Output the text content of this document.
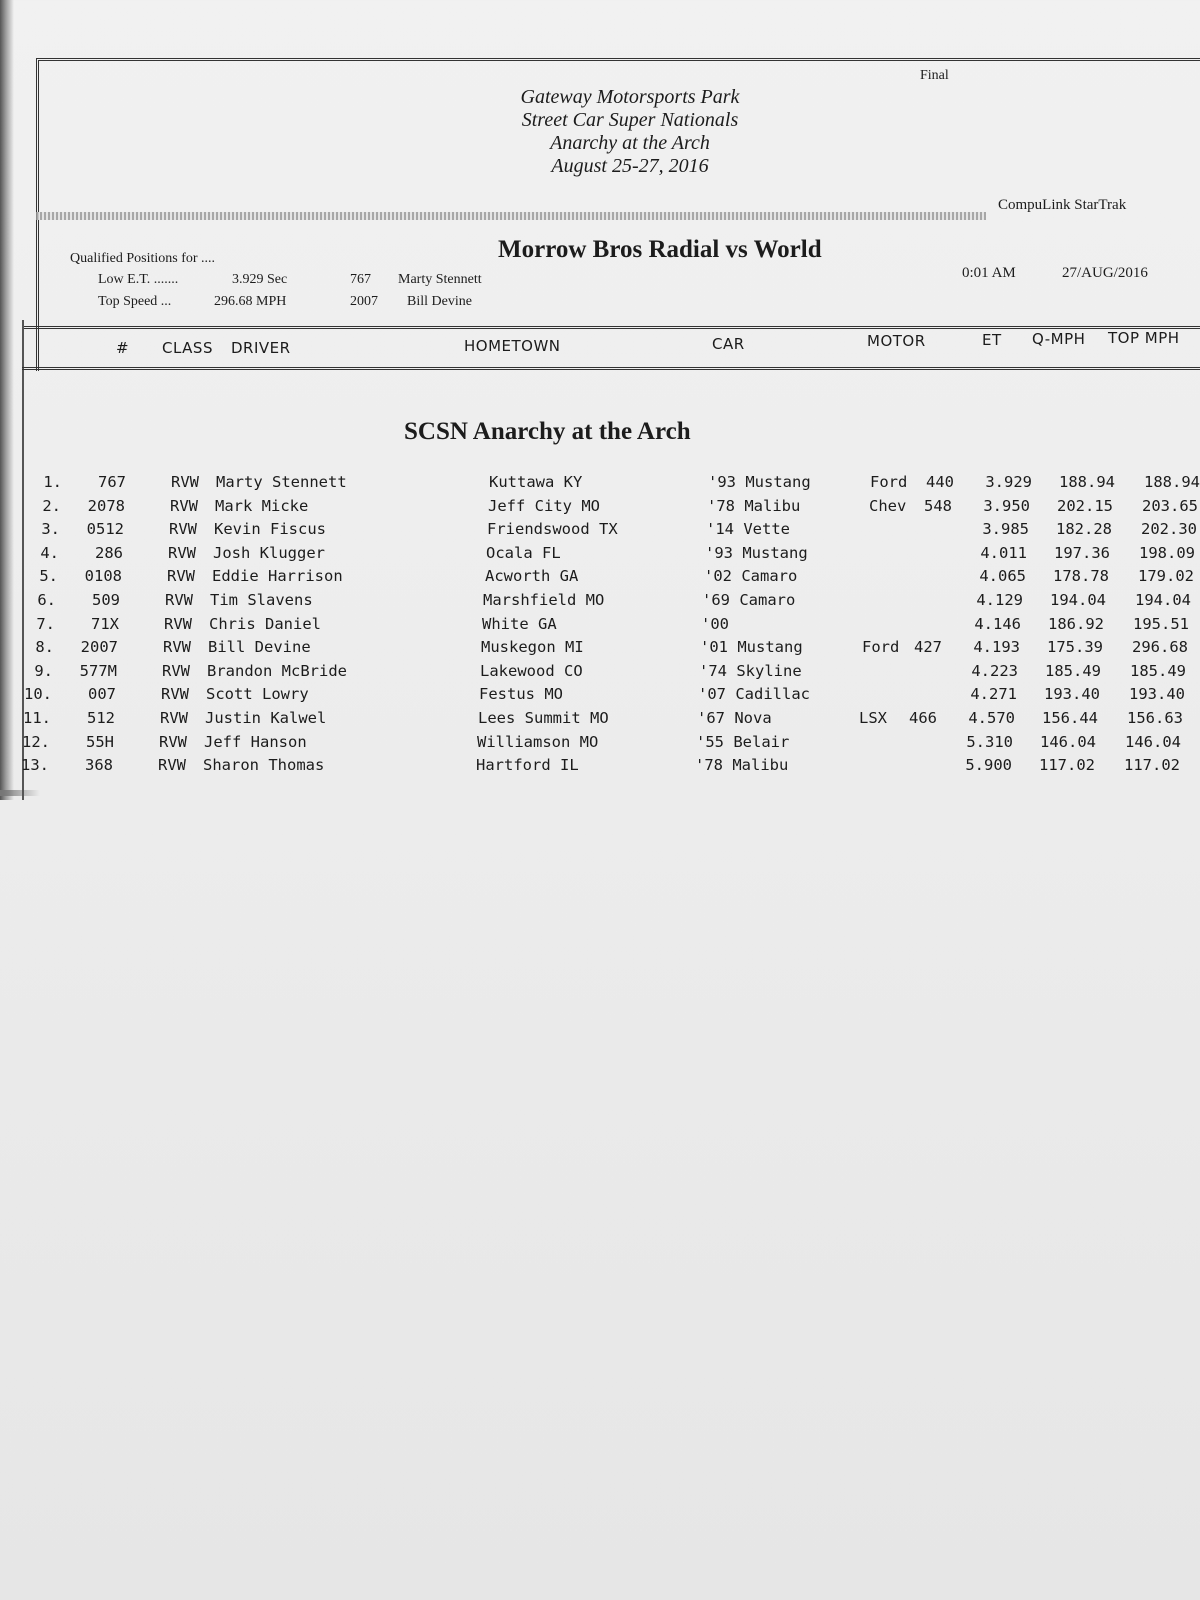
Final
Gateway Motorsports Park
Street Car Super Nationals
Anarchy at the Arch
August 25-27, 2016
CompuLink StarTrak
Qualified Positions for ....
Low E.T. .......	3.929 Sec	767 Marty Stennett
Top Speed ...	296.68 MPH	2007 Bill Devine
Morrow Bros Radial vs World
0:01 AM	27/AUG/2016
# CLASS DRIVER	HOMETOWN	CAR	MOTOR	ET Q-MPH TOP MPH
SCSN Anarchy at the Arch
1. 767	RVW Marty Stennett	Kuttawa KY	'93 Mustang	Ford 440 3.929 188.94 188.94
2. 2078	RVW Mark Micke	Jeff City MO	'78 Malibu	Chev 548 3.950 202.15 203.65
3. 0512	RVW Kevin Fiscus	Friendswood TX	'14 Vette	3.985 182.28 202.30
4. 286	RVW Josh Klugger	Ocala FL	'93 Mustang	4.011 197.36 198.09
5. 0108	RVW Eddie Harrison	Acworth GA	'02 Camaro	4.065 178.78 179.02
6. 509	RVW Tim Slavens	Marshfield MO	'69 Camaro	4.129 194.04 194.04
7. 71X	RVW Chris Daniel	White GA	'00	4.146 186.92 195.51
8. 2007	RVW Bill Devine	Muskegon MI	'01 Mustang	Ford 427 4.193 175.39 296.68
9. 577M	RVW Brandon McBride	Lakewood CO	'74 Skyline	4.223 185.49 185.49
10. 007	RVW Scott Lowry	Festus MO	'07 Cadillac	4.271 193.40 193.40
11. 512	RVW Justin Kalwel	Lees Summit MO	'67 Nova	LSX 466 4.570 156.44 156.63
12. 55H	RVW Jeff Hanson	Williamson MO	'55 Belair	5.310 146.04 146.04
13. 368	RVW Sharon Thomas	Hartford IL	'78 Malibu	5.900 117.02 117.02
